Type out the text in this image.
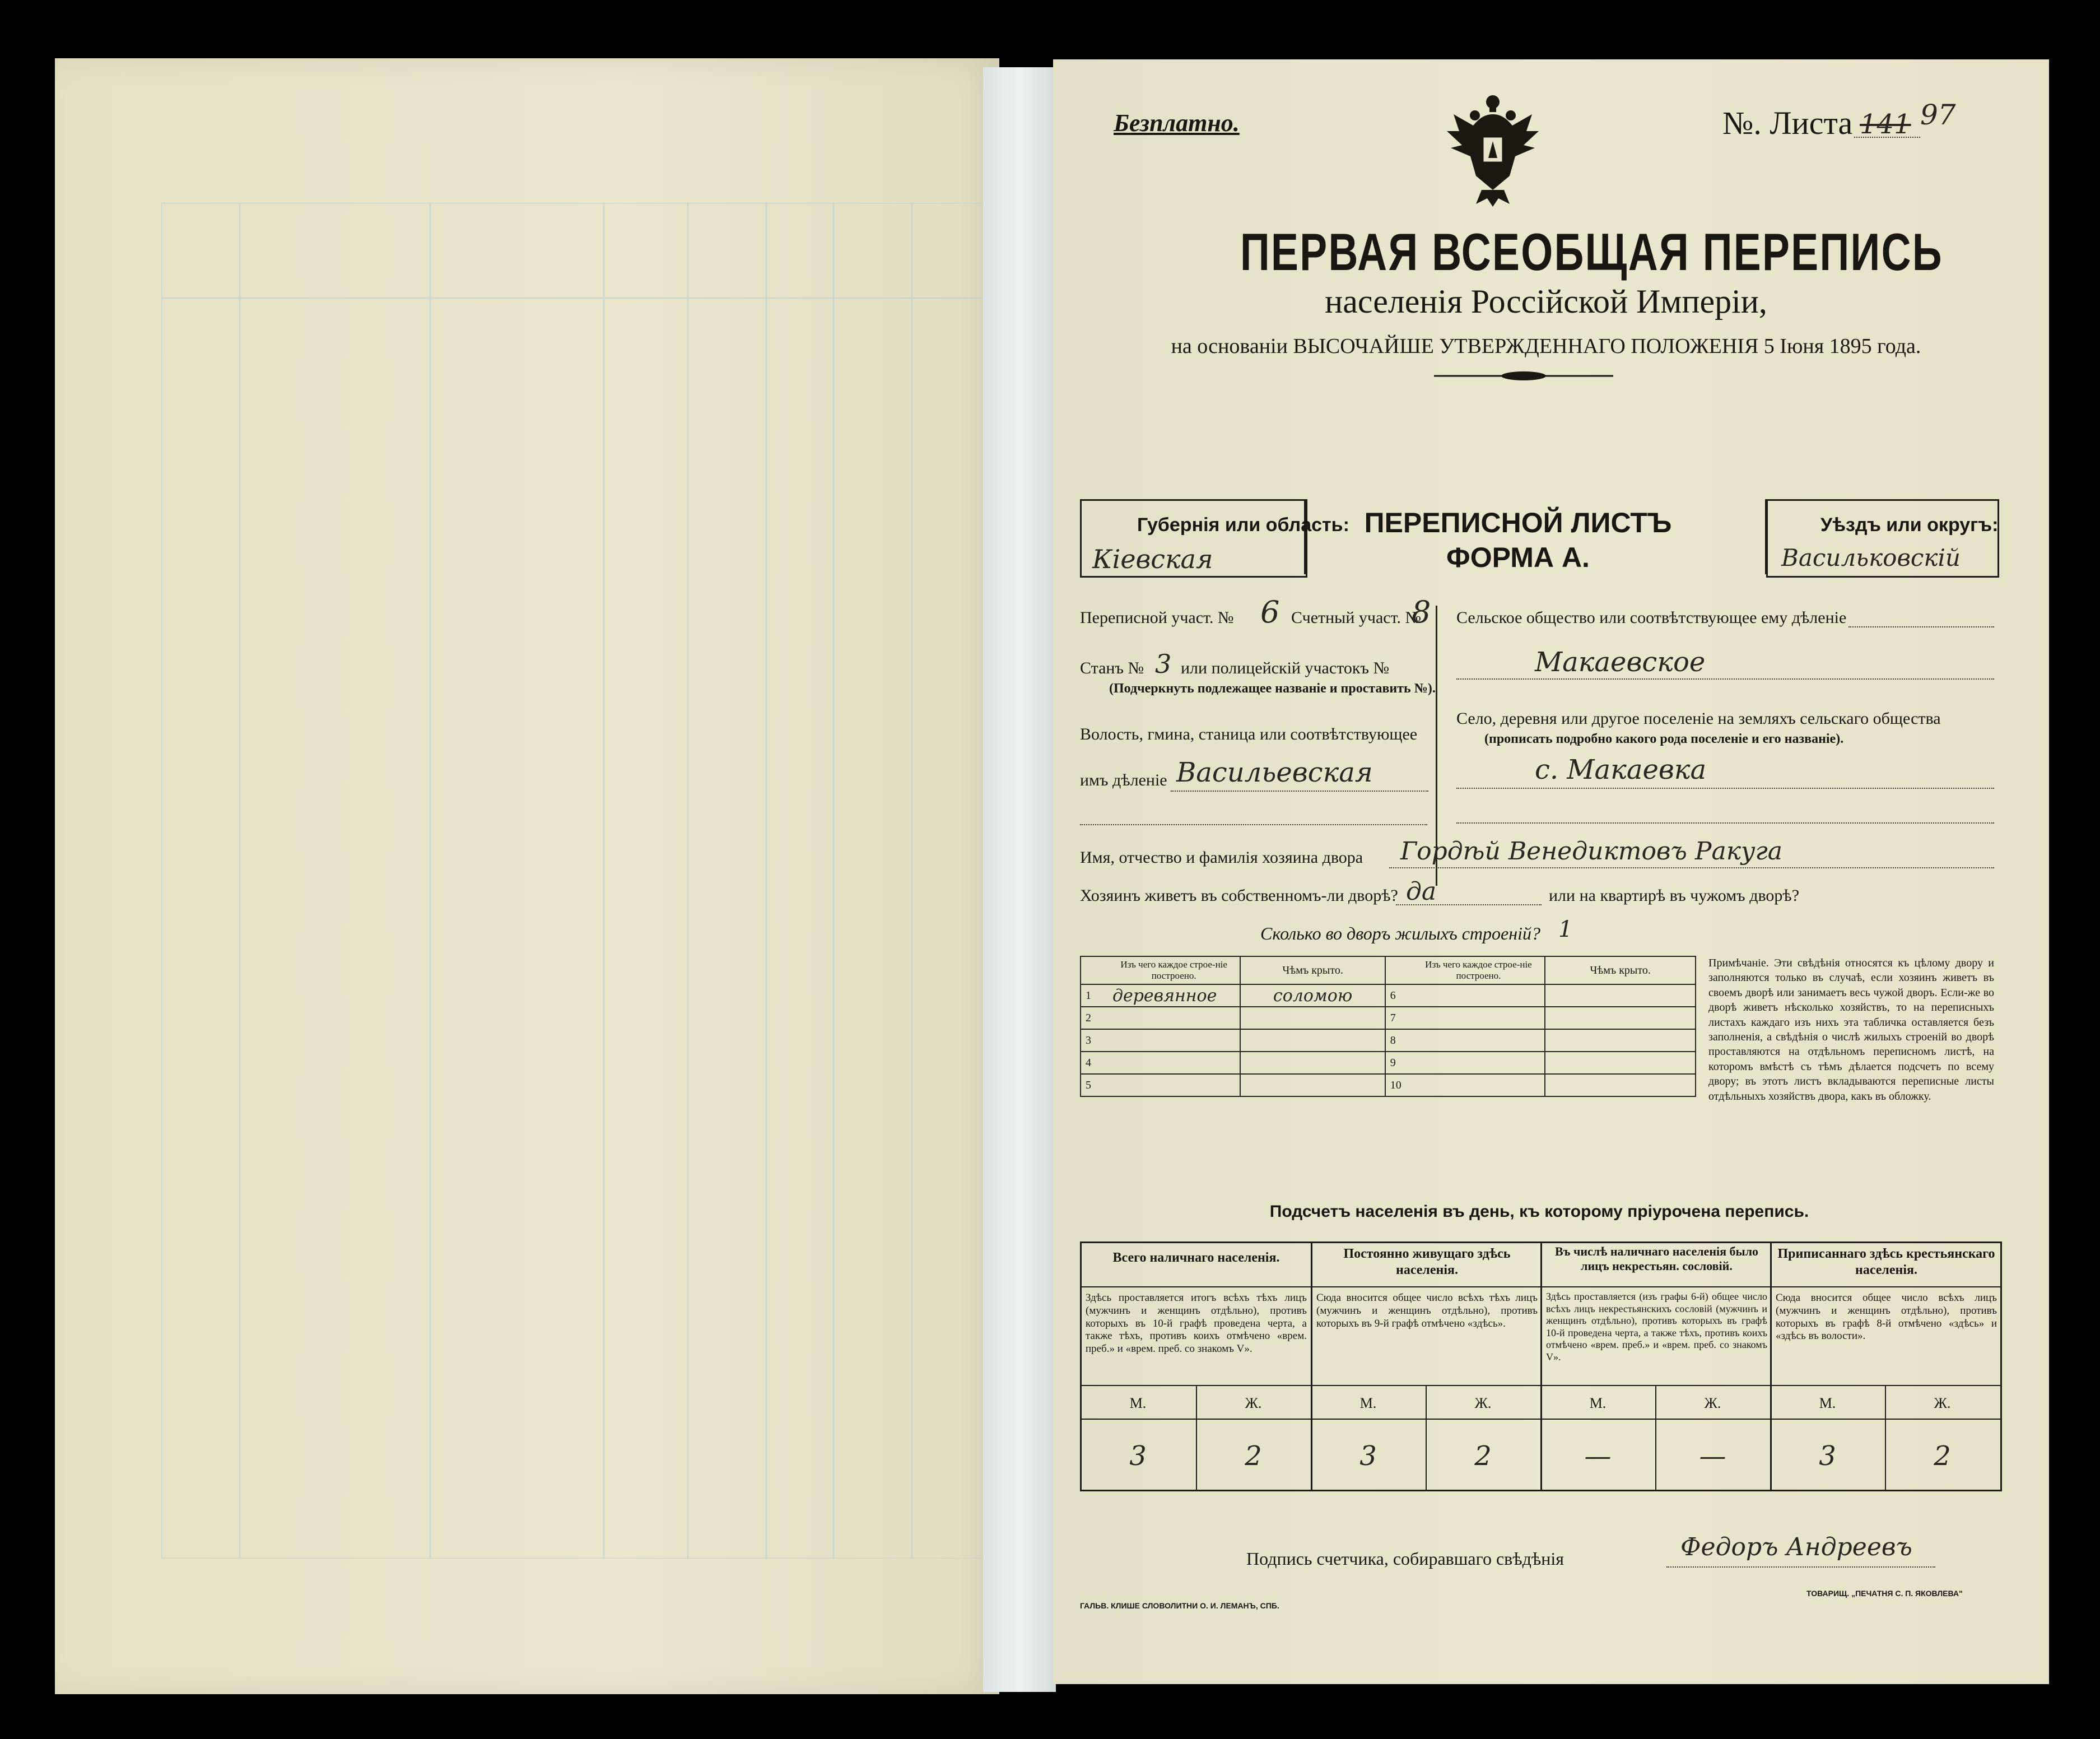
Безплатно.	№. Листа 141 97
ПЕРВАЯ ВСЕОБЩАЯ ПЕРЕПИСЬ
населенія Россійской Имперіи,
на основаніи ВЫСОЧАЙШЕ УТВЕРЖДЕННАГО ПОЛОЖЕНІЯ 5 Іюня 1895 года.
Губернія или область:
Кіевская
ПЕРЕПИСНОЙ ЛИСТЪ
ФОРМА А.
Уѣздъ или округъ:
Васильковскій
Переписной участ. № 6 Счетный участ. №
8
Станъ № 3 или полицейскій участокъ №
(Подчеркнуть подлежащее названіе и проставить №).
Волость, гмина, станица или соотвѣтствующее
имъ дѣленіе Васильевская
Сельское общество или соотвѣтствующее ему дѣленіе
Макаевское
Село, деревня или другое поселеніе на земляхъ сельскаго общества
(прописать подробно какого рода поселеніе и его названіе).
с. Макаевка
Имя, отчество и фамилія хозяина двора Гордѣй Венедиктовъ Ракуга
Хозяинъ живетъ въ собственномъ-ли дворѣ? да	или на квартирѣ въ чужомъ дворѣ?
Сколько во дворъ жилыхъ строеній? 1
	Изъ чего каждое строе-ніе построено.	Чѣмъ крыто.		Изъ чего каждое строе-ніе построено.	Чѣмъ крыто.
1	деревянное	соломою	6		
2			7		
3			8		
4			9		
5			10		
Примѣчаніе. Эти свѣдѣнія относятся къ цѣлому двору и заполняются только въ случаѣ, если хозяинъ живетъ въ своемъ дворѣ или занимаетъ весь чужой дворъ. Если-же во дворѣ живетъ нѣсколько хозяйствъ, то на переписныхъ листахъ каждаго изъ нихъ эта табличка оставляется безъ заполненія, а свѣдѣнія о числѣ жилыхъ строеній во дворѣ проставляются на отдѣльномъ переписномъ листѣ, на которомъ вмѣстѣ съ тѣмъ дѣлается подсчетъ по всему двору; въ этотъ листъ вкладываются переписные листы отдѣльныхъ хозяйствъ двора, какъ въ обложку.
Подсчетъ населенія въ день, къ которому пріурочена перепись.
Всего наличнаго населенія.	Постоянно живущаго здѣсь населенія.
Въ числѣ наличнаго населенія было лицъ некрестьян. сословій.
Приписаннаго здѣсь крестьянскаго населенія.
Здѣсь проставляется итогъ всѣхъ тѣхъ лицъ (мужчинъ и женщинъ отдѣльно), противъ которыхъ въ 10-й графѣ проведена черта, а также тѣхъ, противъ коихъ отмѣчено «врем. преб.» и «врем. преб. со знакомъ V».
Сюда вносится общее число всѣхъ тѣхъ лицъ (мужчинъ и женщинъ отдѣльно), противъ которыхъ въ 9-й графѣ отмѣчено «здѣсь».
Здѣсь проставляется (изъ графы 6-й) общее число всѣхъ лицъ некрестьянскихъ сословій (мужчинъ и женщинъ отдѣльно), противъ которыхъ въ графѣ 10-й проведена черта, а также тѣхъ, противъ коихъ отмѣчено «врем. преб.» и «врем. преб. со знакомъ V».
Сюда вносится общее число всѣхъ лицъ (мужчинъ и женщинъ отдѣльно), противъ которыхъ въ графѣ 8-й отмѣчено «здѣсь» и «здѣсь въ волости».
М.	Ж.	М.	Ж.	М.	Ж.	М.	Ж.
3	2	3	2	—	—	3	2
Подпись счетчика, собиравшаго свѣдѣнія	Федоръ Андреевъ
ГАЛЬВ. КЛИШЕ СЛОВОЛИТНИ О. И. ЛЕМАНЪ, СПБ.
ТОВАРИЩ. „ПЕЧАТНЯ С. П. ЯКОВЛЕВА"
